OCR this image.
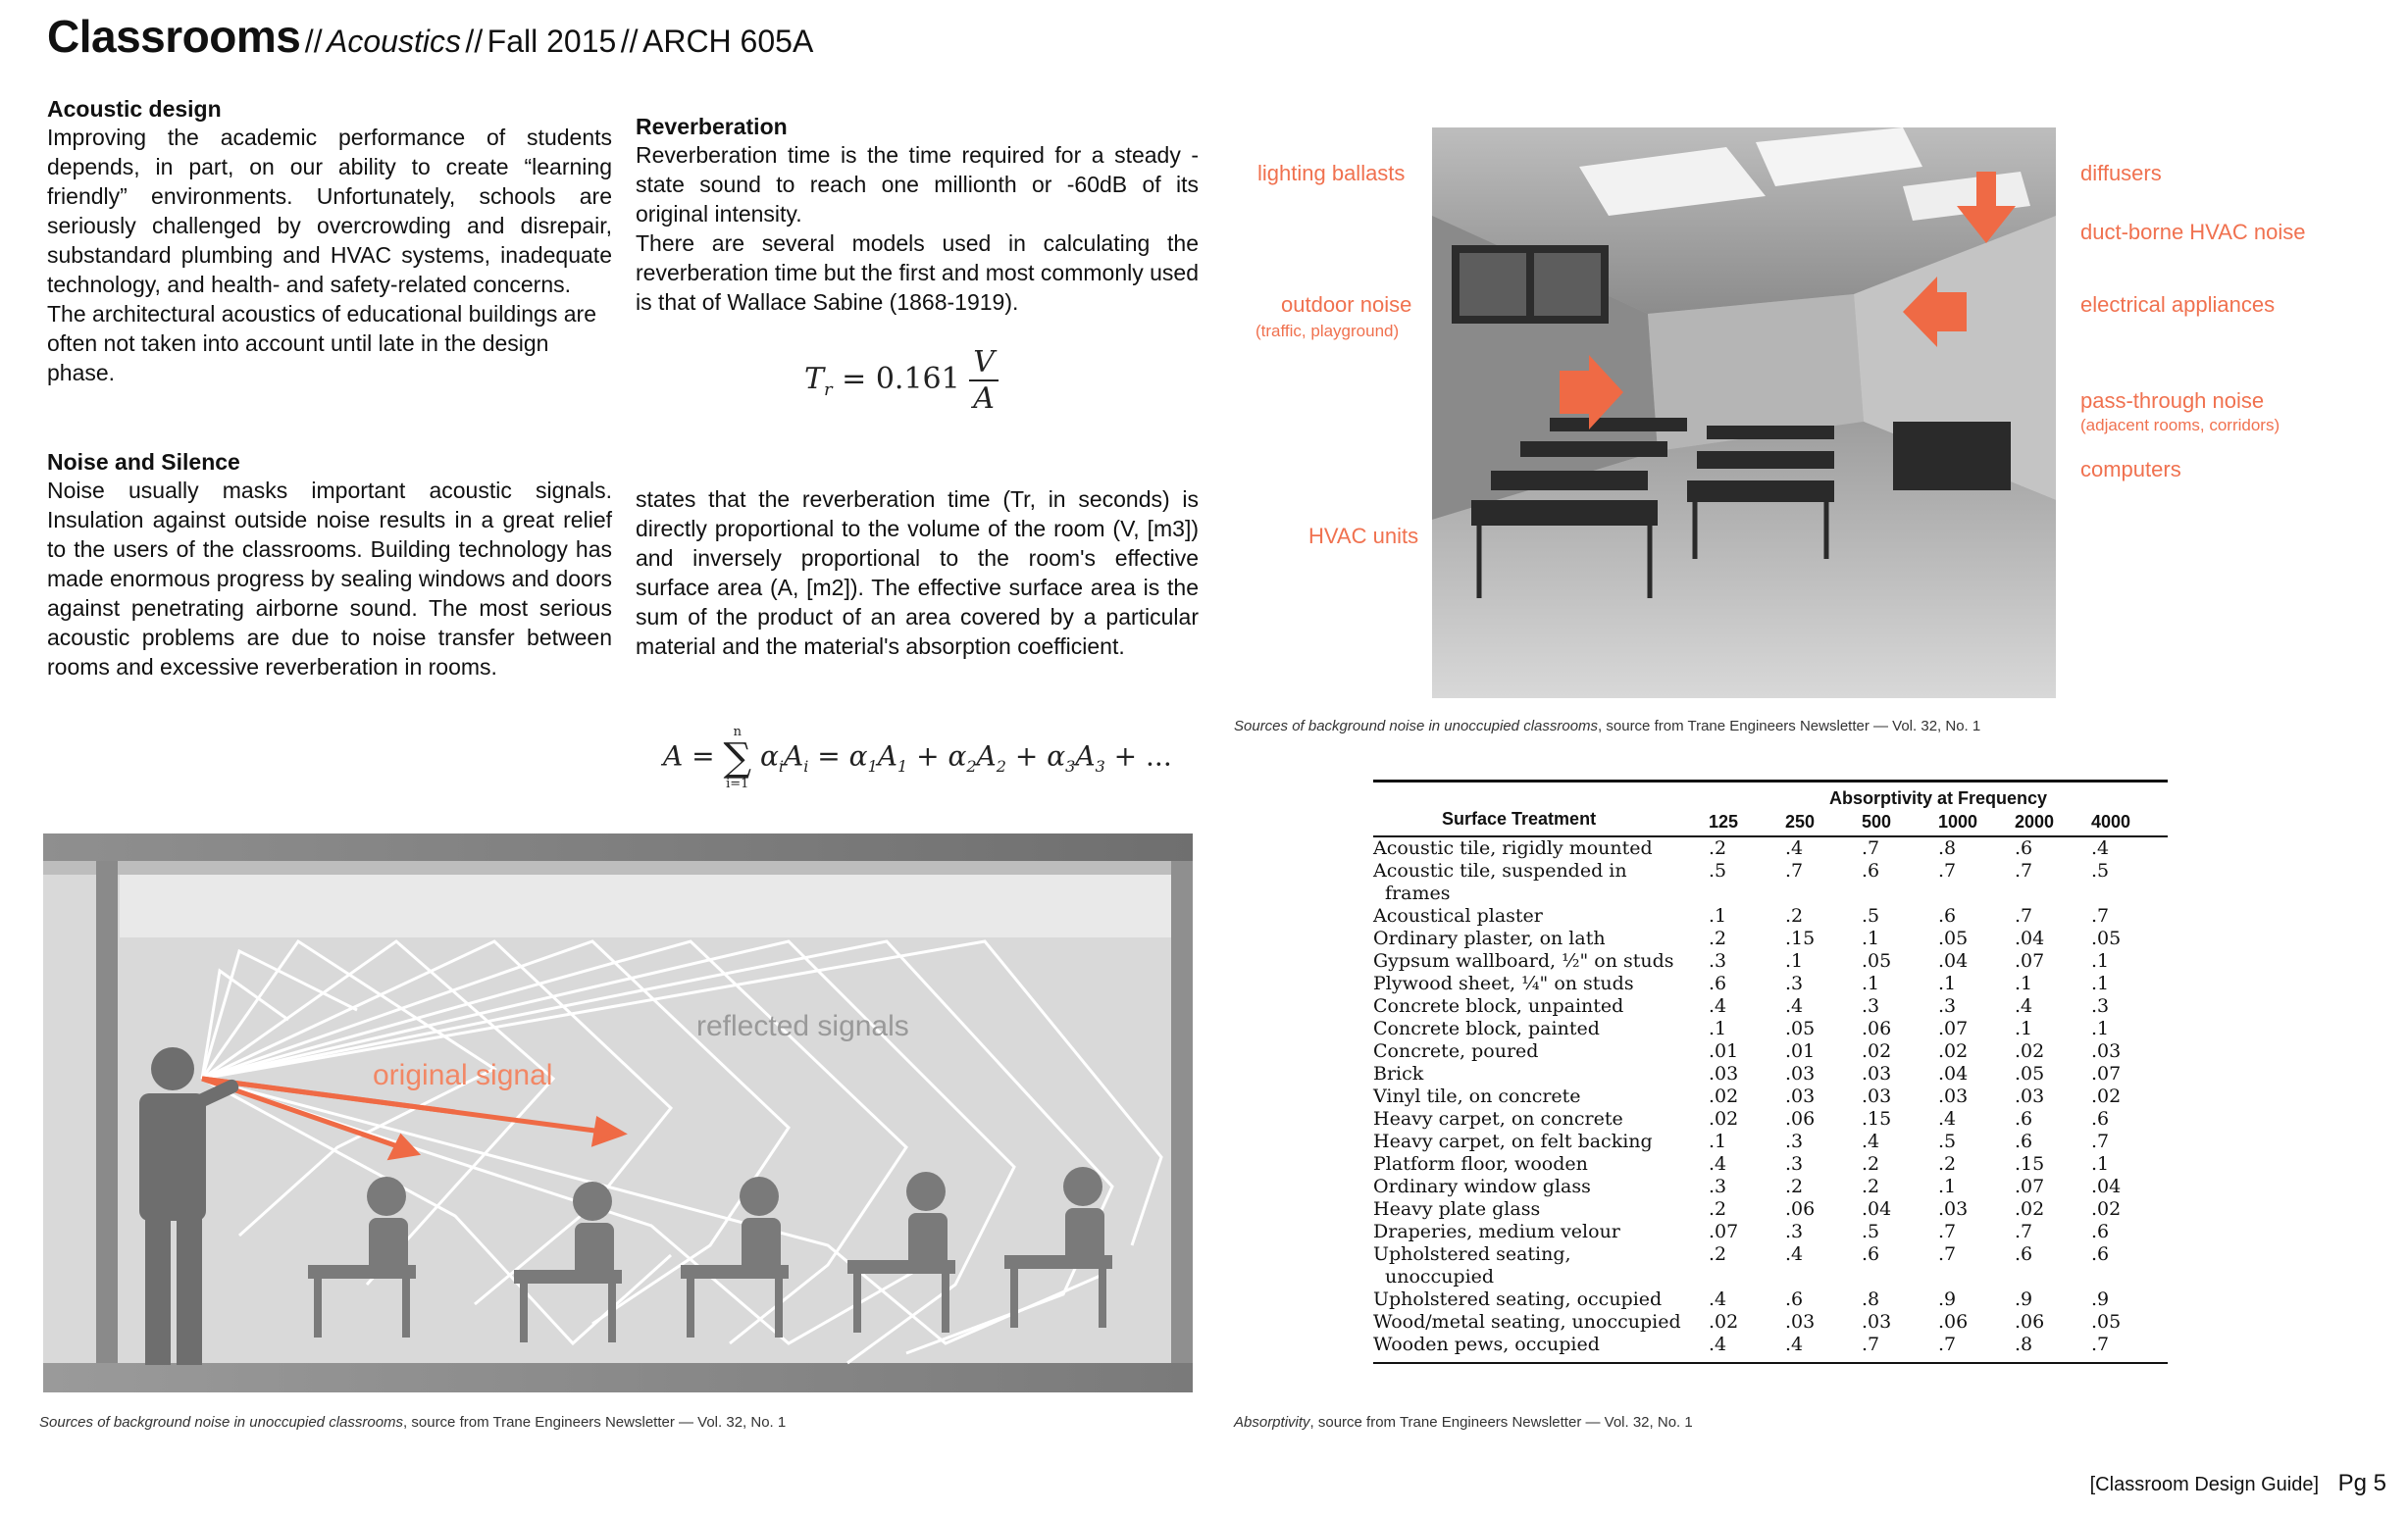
Classrooms // Acoustics // Fall 2015 // ARCH 605A

Acoustic design

Improving the academic performance of students depends, in part, on our ability to create “learning friendly” environments. Unfortunately, schools are seriously challenged by overcrowding and disrepair, substandard plumbing and HVAC systems, inadequate technology, and health- and safety-related concerns.

The architectural acoustics of educational buildings are often not taken into account until late in the design phase.

Noise and Silence

Noise usually masks important acoustic signals. Insulation against outside noise results in a great relief to the users of the classrooms. Building technology has made enormous progress by sealing windows and doors against penetrating airborne sound. The most serious acoustic problems are due to noise transfer between rooms and excessive reverberation in rooms.

Reverberation

Reverberation time is the time required for a steady -state sound to reach one millionth or -60dB of its original intensity.

There are several models used in calculating the reverberation time but the first and most commonly used is that of Wallace Sabine (1868-1919).

$T_r = 0.161 \frac{V}{A}$

states that the reverberation time (Tr, in seconds) is directly proportional to the volume of the room (V, [m3]) and inversely proportional to the room's effective surface area (A, [m2]). The effective surface area is the sum of the product of an area covered by a particular material and the material's absorption coefficient.

A =
n
∑
i=1
$\alpha_iA_i = \alpha_1A_1 + \alpha_2A_2 + \alpha_3A_3$ + ...
lighting ballasts
outdoor noise
(traffic, playground)
HVAC units
diffusers
duct-borne HVAC noise
electrical appliances
pass-through noise
(adjacent rooms, corridors)
computers
Sources of background noise in unoccupied classrooms, source from Trane Engineers Newsletter — Vol. 32, No. 1
original signal
reflected signals
Sources of background noise in unoccupied classrooms, source from Trane Engineers Newsletter — Vol. 32, No. 1
	Absorptivity at Frequency					
Surface Treatment	125	250	500	1000	2000	4000

Acoustic tile, rigidly mounted	.2	.4	.7	.8	.6	.4

Acoustic tile, suspended in
frames	.5	.7	.6	.7	.7	.5

Acoustical plaster	.1	.2	.5	.6	.7	.7

Ordinary plaster, on lath	.2	.15	.1	.05	.04	.05

Gypsum wallboard, ½" on studs	.3	.1	.05	.04	.07	.1

Plywood sheet, ¼" on studs	.6	.3	.1	.1	.1	.1

Concrete block, unpainted	.4	.4	.3	.3	.4	.3

Concrete block, painted	.1	.05	.06	.07	.1	.1

Concrete, poured	.01	.01	.02	.02	.02	.03

Brick	.03	.03	.03	.04	.05	.07

Vinyl tile, on concrete	.02	.03	.03	.03	.03	.02

Heavy carpet, on concrete	.02	.06	.15	.4	.6	.6

Heavy carpet, on felt backing	.1	.3	.4	.5	.6	.7

Platform floor, wooden	.4	.3	.2	.2	.15	.1

Ordinary window glass	.3	.2	.2	.1	.07	.04

Heavy plate glass	.2	.06	.04	.03	.02	.02

Draperies, medium velour	.07	.3	.5	.7	.7	.6

Upholstered seating,
unoccupied	.2	.4	.6	.7	.6	.6

Upholstered seating, occupied	.4	.6	.8	.9	.9	.9

Wood/metal seating, unoccupied	.02	.03	.03	.06	.06	.05

Wooden pews, occupied	.4	.4	.7	.7	.8	.7
Absorptivity, source from Trane Engineers Newsletter — Vol. 32, No. 1
[Classroom Design Guide] Pg 5
